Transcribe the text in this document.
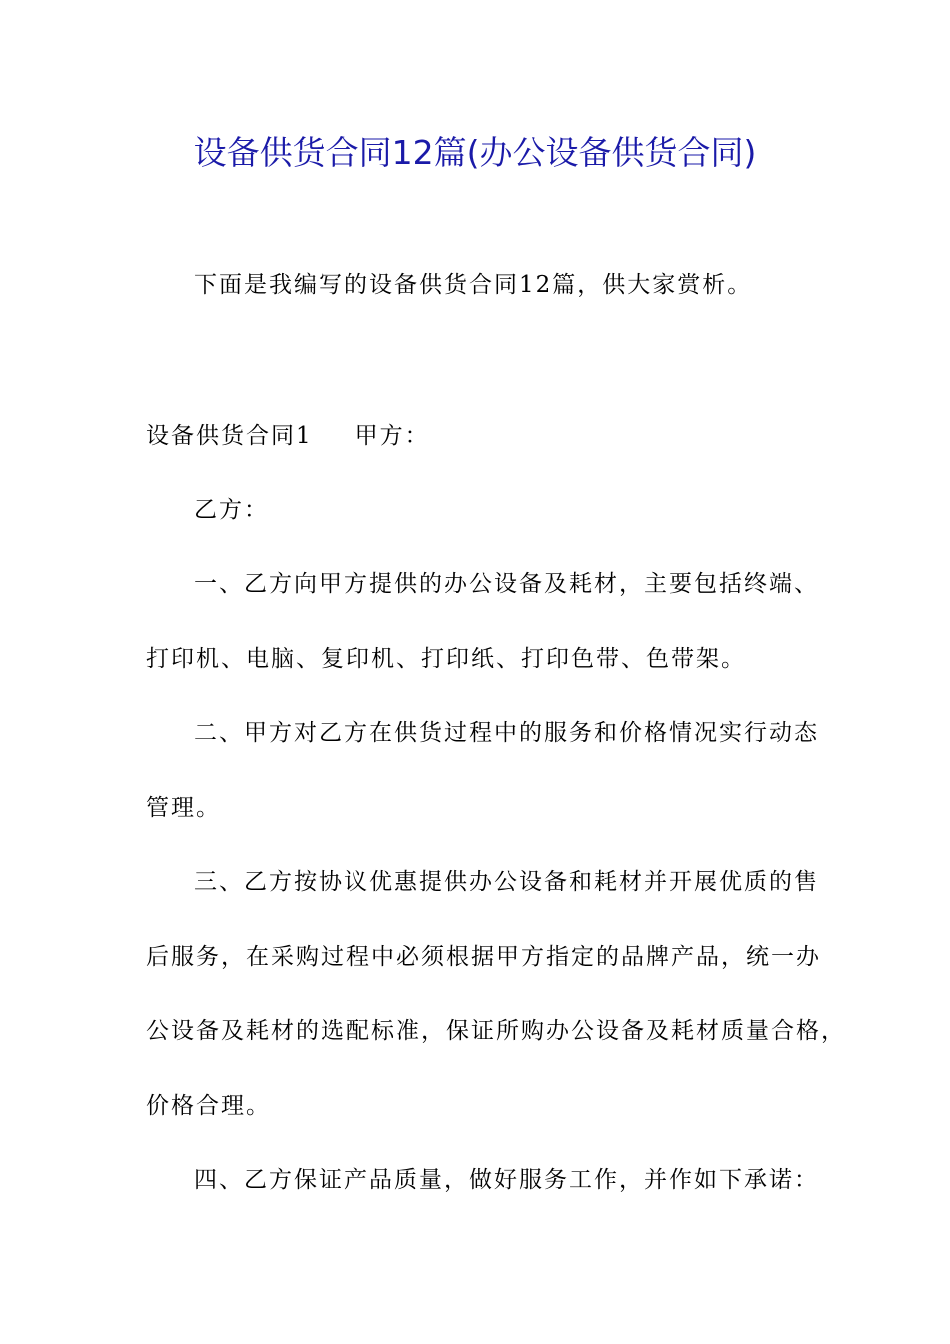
设备供货合同12篇(办公设备供货合同)
下面是我编写的设备供货合同12篇，供大家赏析。
设备供货合同1 甲方：
乙方：
一、乙方向甲方提供的办公设备及耗材，主要包括终端、
打印机、电脑、复印机、打印纸、打印色带、色带架。
二、甲方对乙方在供货过程中的服务和价格情况实行动态
管理。
三、乙方按协议优惠提供办公设备和耗材并开展优质的售
后服务，在采购过程中必须根据甲方指定的品牌产品，统一办
公设备及耗材的选配标准，保证所购办公设备及耗材质量合格，
价格合理。
四、乙方保证产品质量，做好服务工作，并作如下承诺：
